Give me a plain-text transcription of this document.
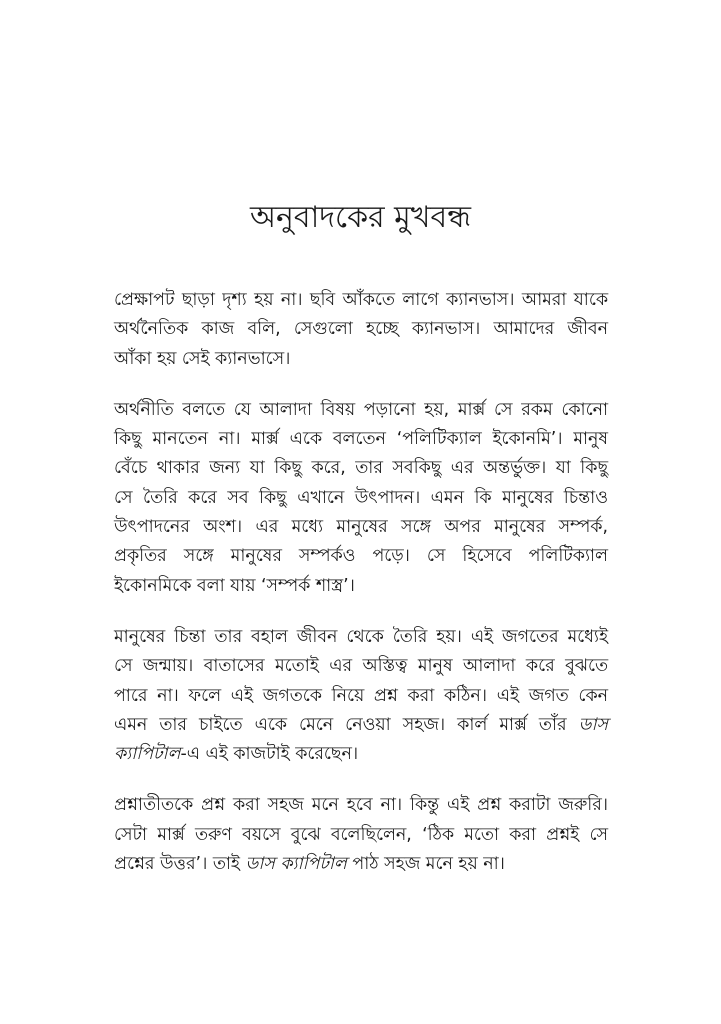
অনুবাদকের মুখবন্ধ

প্রেক্ষাপট ছাড়া দৃশ্য হয় না। ছবি আঁকতে লাগে ক্যানভাস। আমরা যাকে
অর্থনৈতিক কাজ বলি, সেগুলো হচ্ছে ক্যানভাস। আমাদের জীবন
আঁকা হয় সেই ক্যানভাসে।

অর্থনীতি বলতে যে আলাদা বিষয় পড়ানো হয়, মার্ক্স সে রকম কোনো
কিছু মানতেন না। মার্ক্স একে বলতেন ‘পলিটিক্যাল ইকোনমি’। মানুষ
বেঁচে থাকার জন্য যা কিছু করে, তার সবকিছু এর অন্তর্ভুক্ত। যা কিছু
সে তৈরি করে সব কিছু এখানে উৎপাদন। এমন কি মানুষের চিন্তাও
উৎপাদনের অংশ। এর মধ্যে মানুষের সঙ্গে অপর মানুষের সম্পর্ক,
প্রকৃতির সঙ্গে মানুষের সম্পর্কও পড়ে। সে হিসেবে পলিটিক্যাল
ইকোনমিকে বলা যায় ‘সম্পর্ক শাস্ত্র’।

মানুষের চিন্তা তার বহাল জীবন থেকে তৈরি হয়। এই জগতের মধ্যেই
সে জন্মায়। বাতাসের মতোই এর অস্তিত্ব মানুষ আলাদা করে বুঝতে
পারে না। ফলে এই জগতকে নিয়ে প্রশ্ন করা কঠিন। এই জগত কেন
এমন তার চাইতে একে মেনে নেওয়া সহজ। কার্ল মার্ক্স তাঁর ডাস
ক্যাপিটাল-এ এই কাজটাই করেছেন।

প্রশ্নাতীতকে প্রশ্ন করা সহজ মনে হবে না। কিন্তু এই প্রশ্ন করাটা জরুরি।
সেটা মার্ক্স তরুণ বয়সে বুঝে বলেছিলেন, ‘ঠিক মতো করা প্রশ্নই সে
প্রশ্নের উত্তর’। তাই ডাস ক্যাপিটাল পাঠ সহজ মনে হয় না।
